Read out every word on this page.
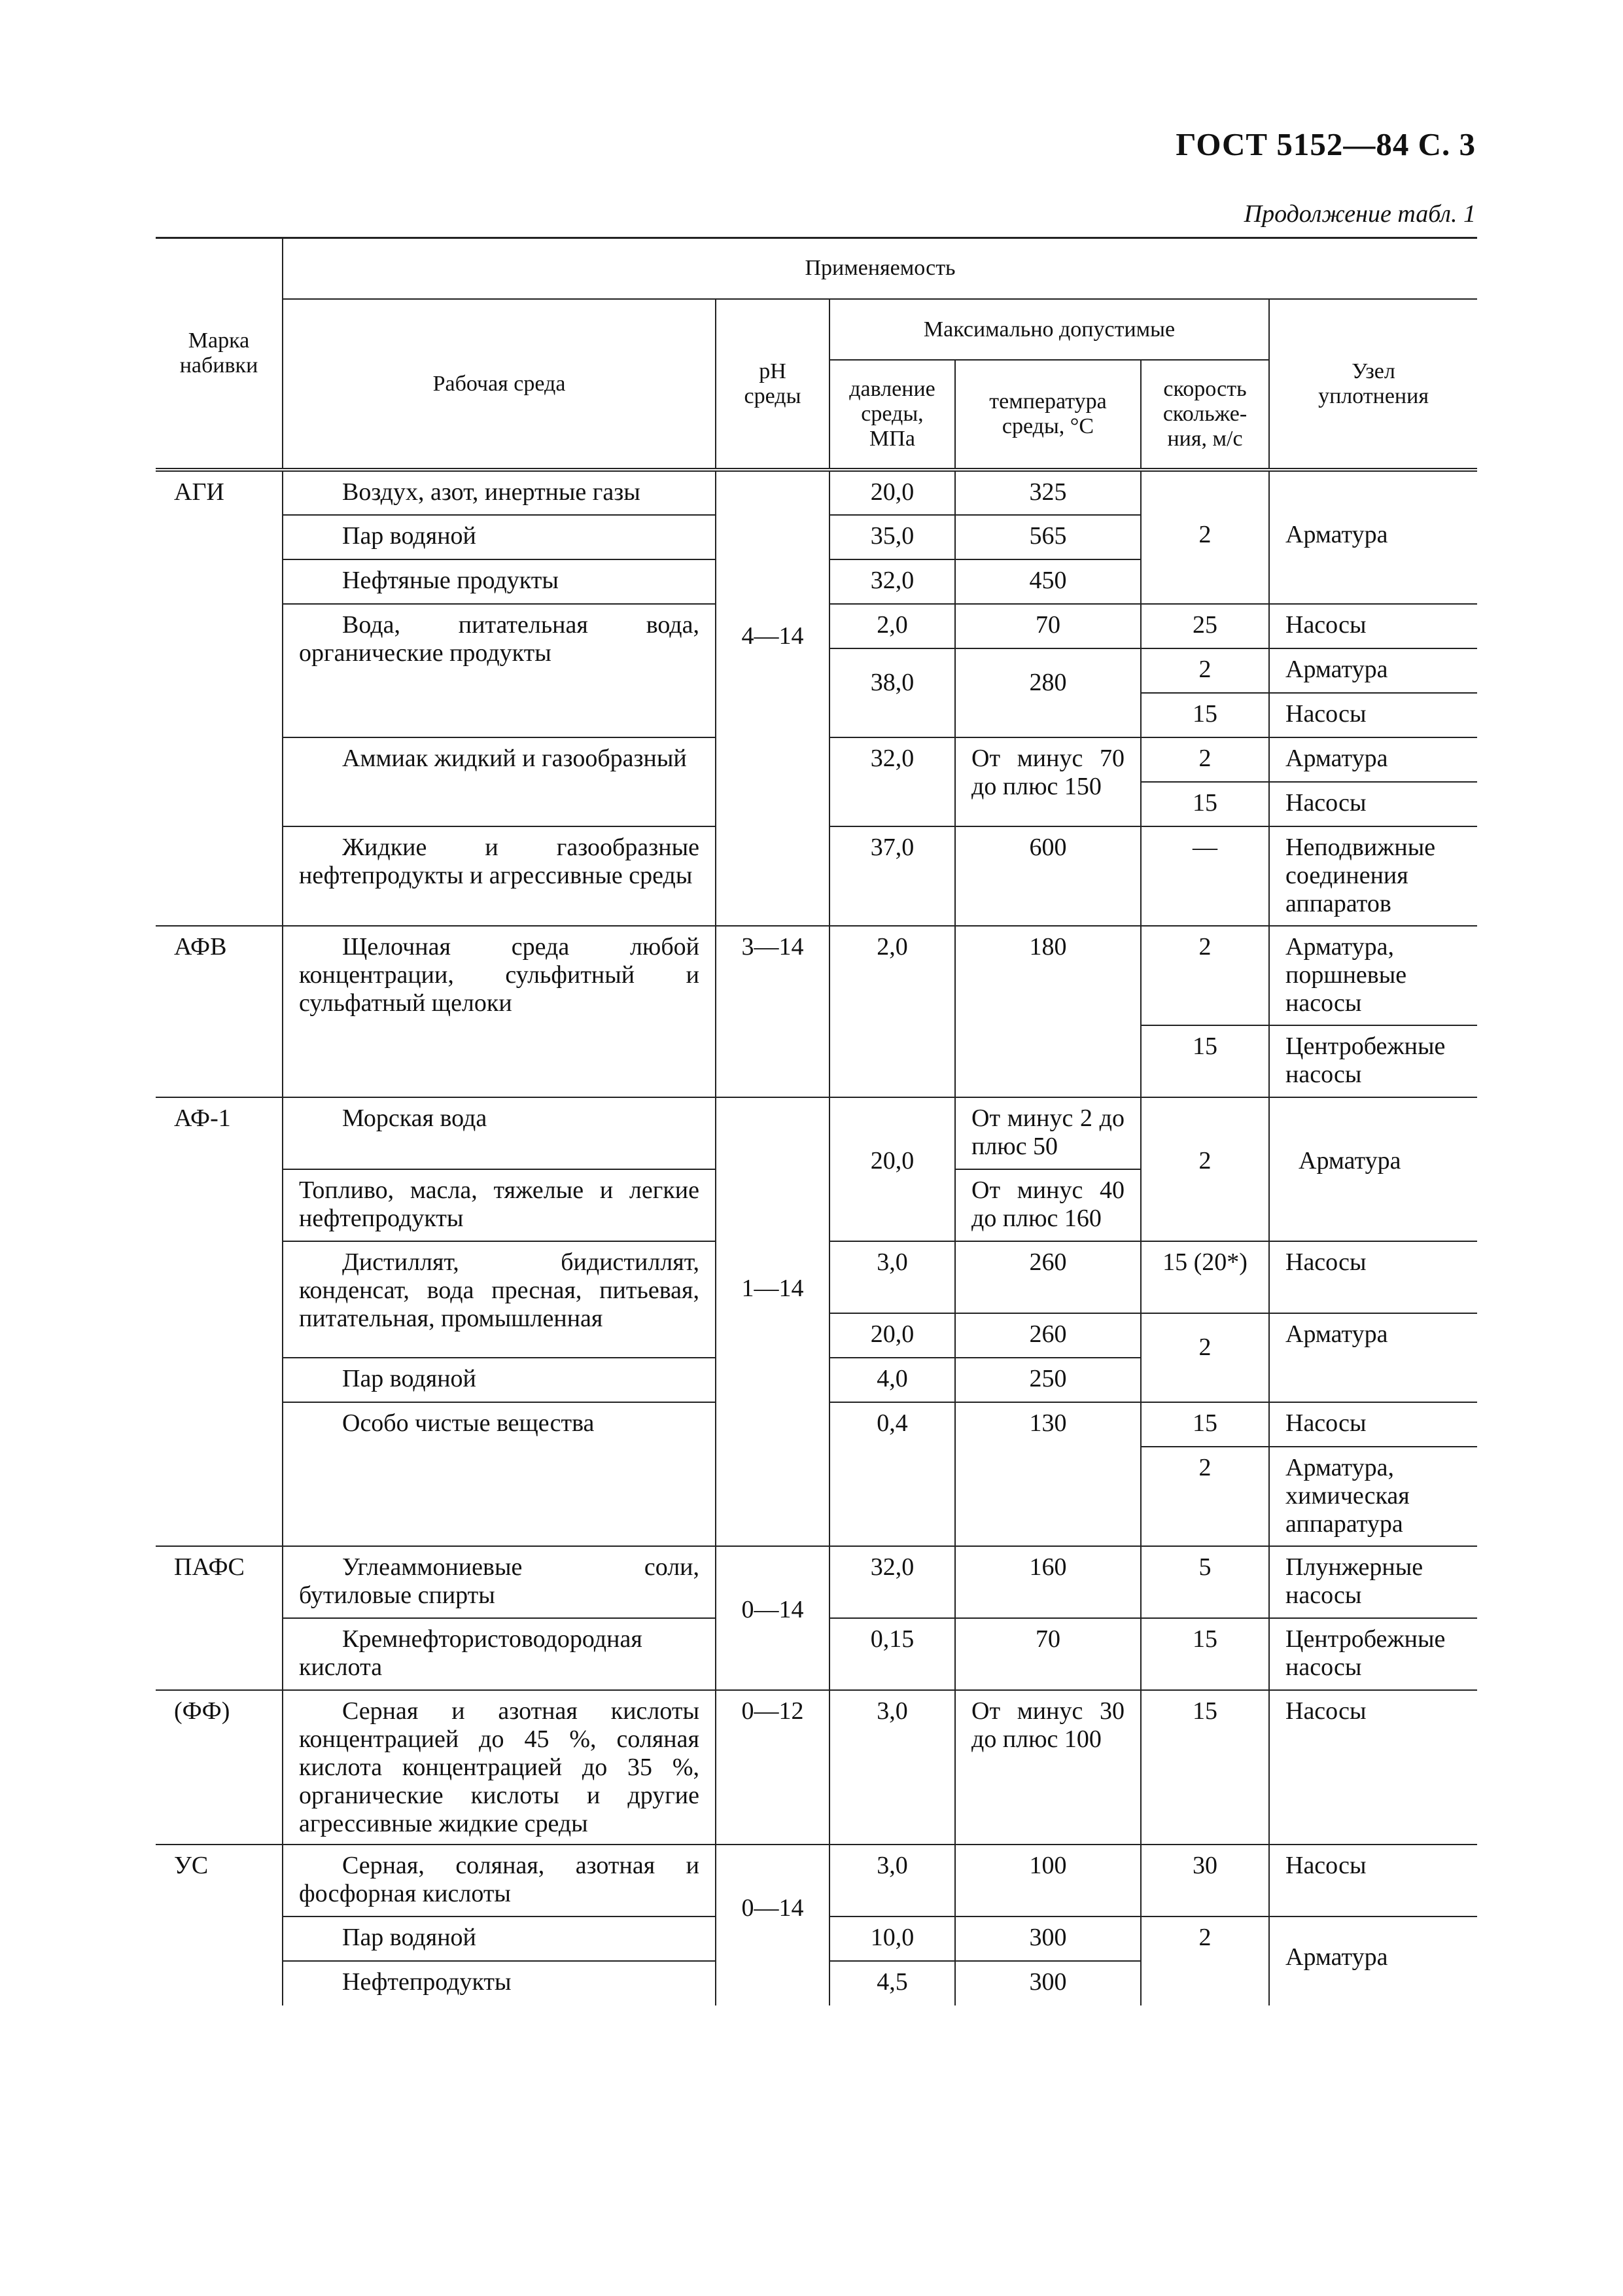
ГОСТ 5152—84 С. 3
Продолжение табл. 1
Марка набивки	Применяемость					
	Рабочая среда	pH среды	Максимально допустимые			Узел уплотнения
			давление среды, МПа	температура среды, °С	скорость скольже-ния, м/с	
АГИ	Воздух, азот, инертные газы	4—14	20,0	325	2	Арматура
	Пар водяной		35,0	565		
	Нефтяные продукты		32,0	450		
	Вода, питательная вода, органические продукты		2,0	70	25	Насосы
			38,0	280	2	Арматура
					15	Насосы
	Аммиак жидкий и газообразный		32,0	От минус 70 до плюс 150	2	Арматура
					15	Насосы
	Жидкие и газообразные нефтепродукты и агрессивные среды		37,0	600	—	Неподвижные соединения аппаратов
АФВ	Щелочная среда любой концентрации, сульфитный и сульфатный щелоки	3—14	2,0	180	2	Арматура, поршневые насосы
					15	Центробежные насосы
АФ-1	Морская вода	1—14	20,0	От минус 2 до плюс 50	2	Арматура
	Топливо, масла, тяжелые и легкие нефтепродукты			От минус 40 до плюс 160		
	Дистиллят, бидистиллят, конденсат, вода пресная, питьевая, питательная, промышленная		3,0	260	15 (20*)	Насосы
			20,0	260	2	Арматура
	Пар водяной		4,0	250		
	Особо чистые вещества		0,4	130	15	Насосы
					2	Арматура, химическая аппаратура
ПАФС	Углеаммониевые соли, бутиловые спирты	0—14	32,0	160	5	Плунжерные насосы
	Кремнефтористоводородная кислота		0,15	70	15	Центробежные насосы
(ФФ)	Серная и азотная кислоты концентрацией до 45 %, соляная кислота концентрацией до 35 %, органические кислоты и другие агрессивные жидкие среды	0—12	3,0	От минус 30 до плюс 100	15	Насосы
УС	Серная, соляная, азотная и фосфорная кислоты	0—14	3,0	100	30	Насосы
	Пар водяной		10,0	300	2	Арматура
	Нефтепродукты		4,5	300		
